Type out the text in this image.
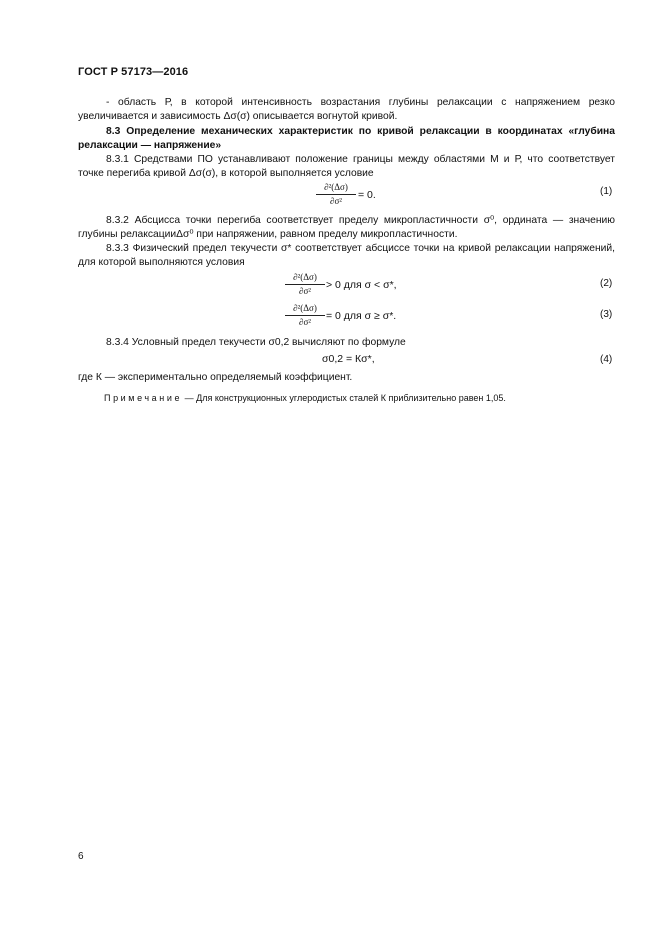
ГОСТ Р 57173—2016
- область Р, в которой интенсивность возрастания глубины релаксации с напряжением резко увеличивается и зависимость Δσ(σ) описывается вогнутой кривой.
8.3 Определение механических характеристик по кривой релаксации в координатах «глубина релаксации — напряжение»
8.3.1 Средствами ПО устанавливают положение границы между областями М и Р, что соответствует точке перегиба кривой Δσ(σ), в которой выполняется условие
∂²(Δσ)
∂σ²	= 0.	(1)
8.3.2 Абсцисса точки перегиба соответствует пределу микропластичности σ⁰, ордината — значению глубины релаксацииΔσ⁰ при напряжении, равном пределу микропластичности.
8.3.3 Физический предел текучести σ* соответствует абсциссе точки на кривой релаксации напряжений, для которой выполняются условия
∂²(Δσ)
∂σ²	> 0 для σ < σ*,	(2)
∂²(Δσ)
∂σ²	= 0 для σ ≥ σ*.	(3)
8.3.4 Условный предел текучести σ0,2 вычисляют по формуле
σ0,2 = Кσ*,	(4)
где К — экспериментально определяемый коэффициент.
Примечание — Для конструкционных углеродистых сталей К приблизительно равен 1,05.
6
